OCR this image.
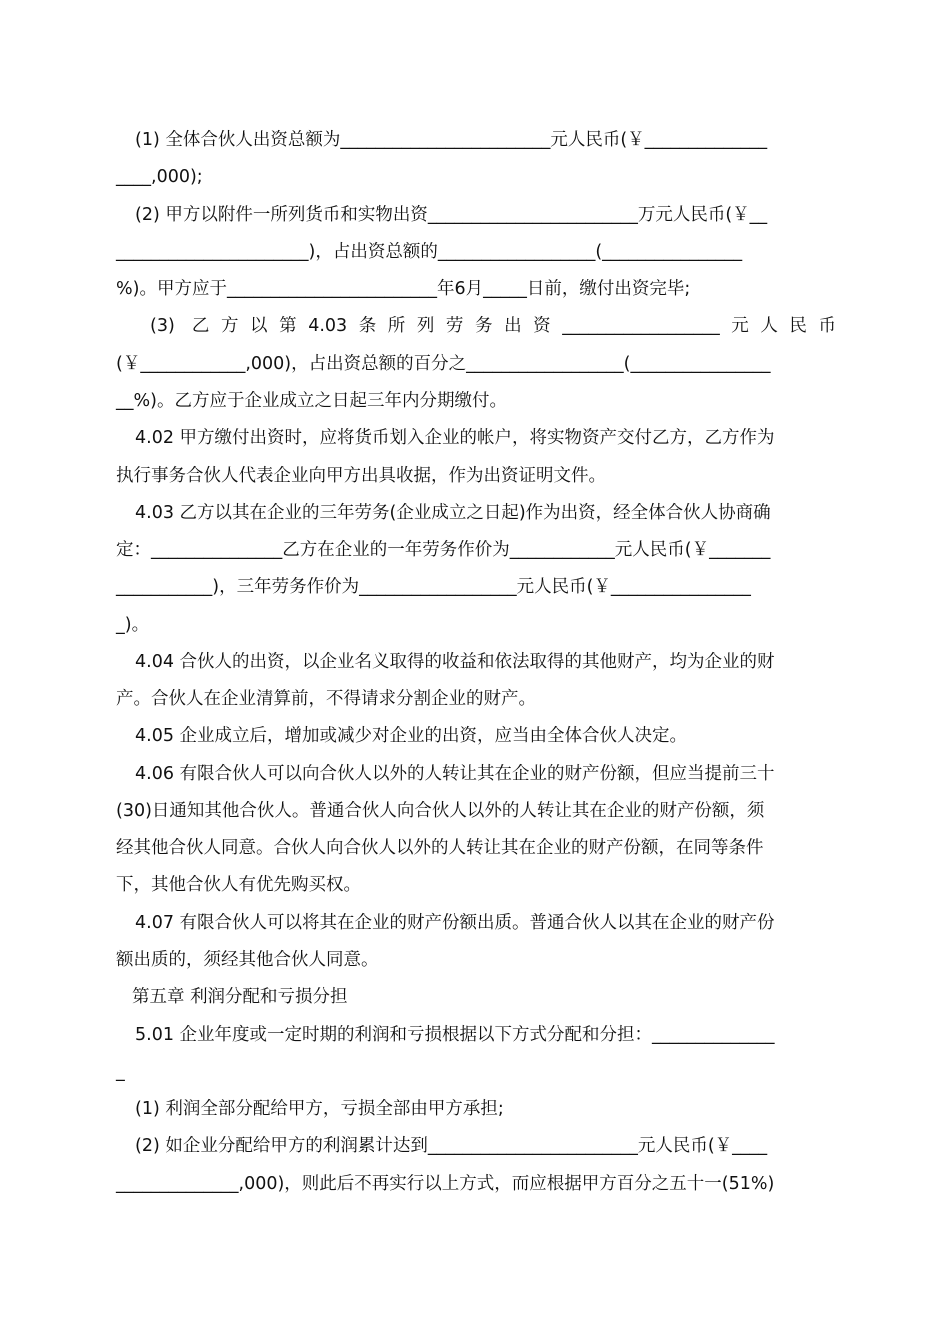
(1) 全体合伙人出资总额为________________________元人民币(￥______________
____,000);
(2) 甲方以附件一所列货币和实物出资________________________万元人民币(￥__
______________________)，占出资总额的__________________(________________
%)。甲方应于________________________年6月_____日前，缴付出资完毕;
(3) 乙方以第4.03条所列劳务出资__________________元人民币
(￥____________,000)，占出资总额的百分之__________________(________________
__%)。乙方应于企业成立之日起三年内分期缴付。
4.02 甲方缴付出资时，应将货币划入企业的帐户，将实物资产交付乙方，乙方作为
执行事务合伙人代表企业向甲方出具收据，作为出资证明文件。
4.03 乙方以其在企业的三年劳务(企业成立之日起)作为出资，经全体合伙人协商确
定：_______________乙方在企业的一年劳务作价为____________元人民币(￥_______
___________)，三年劳务作价为__________________元人民币(￥________________
_)。
4.04 合伙人的出资，以企业名义取得的收益和依法取得的其他财产，均为企业的财
产。合伙人在企业清算前，不得请求分割企业的财产。
4.05 企业成立后，增加或减少对企业的出资，应当由全体合伙人决定。
4.06 有限合伙人可以向合伙人以外的人转让其在企业的财产份额，但应当提前三十
(30)日通知其他合伙人。普通合伙人向合伙人以外的人转让其在企业的财产份额，须
经其他合伙人同意。合伙人向合伙人以外的人转让其在企业的财产份额，在同等条件
下，其他合伙人有优先购买权。
4.07 有限合伙人可以将其在企业的财产份额出质。普通合伙人以其在企业的财产份
额出质的，须经其他合伙人同意。
第五章 利润分配和亏损分担
5.01 企业年度或一定时期的利润和亏损根据以下方式分配和分担：______________
_
(1) 利润全部分配给甲方，亏损全部由甲方承担;
(2) 如企业分配给甲方的利润累计达到________________________元人民币(￥____
______________,000)，则此后不再实行以上方式，而应根据甲方百分之五十一(51%)
